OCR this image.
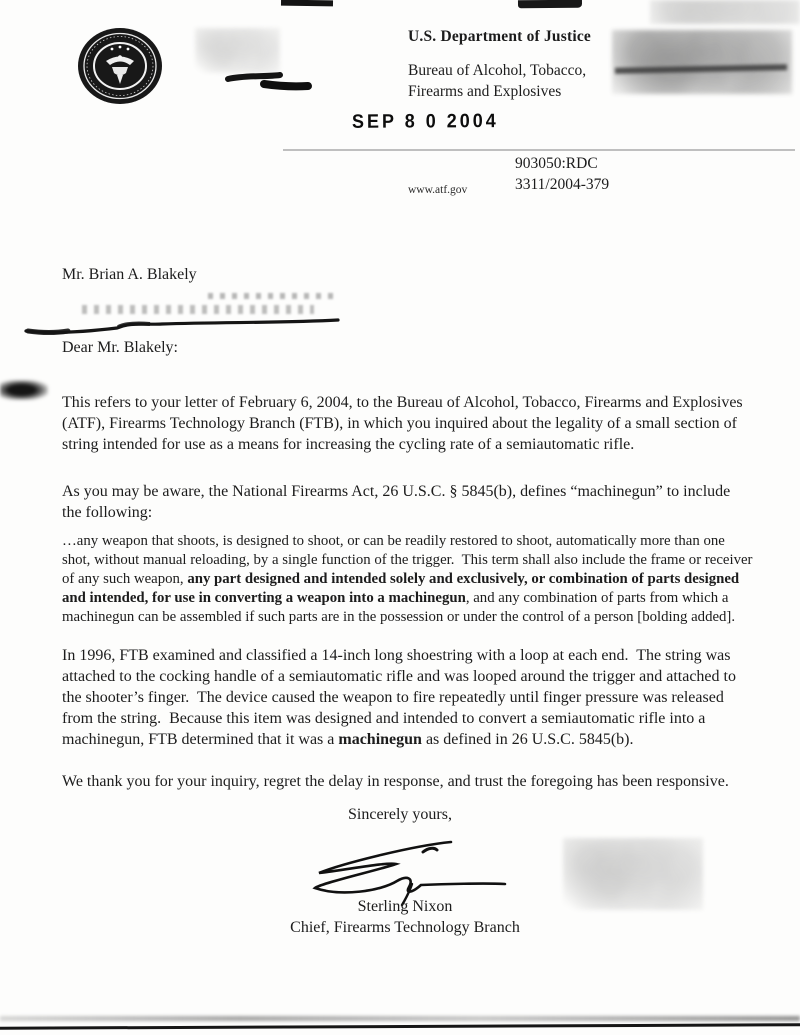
U.S. Department of Justice
Bureau of Alcohol, Tobacco,
Firearms and Explosives
SEP 8 0 2004
903050:RDC
3311/2004-379
www.atf.gov
Mr. Brian A. Blakely
Dear Mr. Blakely:

This refers to your letter of February 6, 2004, to the Bureau of Alcohol, Tobacco, Firearms and Explosives (ATF), Firearms Technology Branch (FTB), in which you inquired about the legality of a small section of string intended for use as a means for increasing the cycling rate of a semiautomatic rifle.

As you may be aware, the National Firearms Act, 26 U.S.C. § 5845(b), defines “machinegun” to include the following:

…any weapon that shoots, is designed to shoot, or can be readily restored to shoot, automatically more than one shot, without manual reloading, by a single function of the trigger.  This term shall also include the frame or receiver of any such weapon, any part designed and intended solely and exclusively, or combination of parts designed and intended, for use in converting a weapon into a machinegun, and any combination of parts from which a machinegun can be assembled if such parts are in the possession or under the control of a person [bolding added].

In 1996, FTB examined and classified a 14-inch long shoestring with a loop at each end.  The string was attached to the cocking handle of a semiautomatic rifle and was looped around the trigger and attached to the shooter’s finger.  The device caused the weapon to fire repeatedly until finger pressure was released from the string.  Because this item was designed and intended to convert a semiautomatic rifle into a machinegun, FTB determined that it was a machinegun as defined in 26 U.S.C. 5845(b).

We thank you for your inquiry, regret the delay in response, and trust the foregoing has been responsive.

Sincerely yours,
Sterling Nixon
Chief, Firearms Technology Branch
